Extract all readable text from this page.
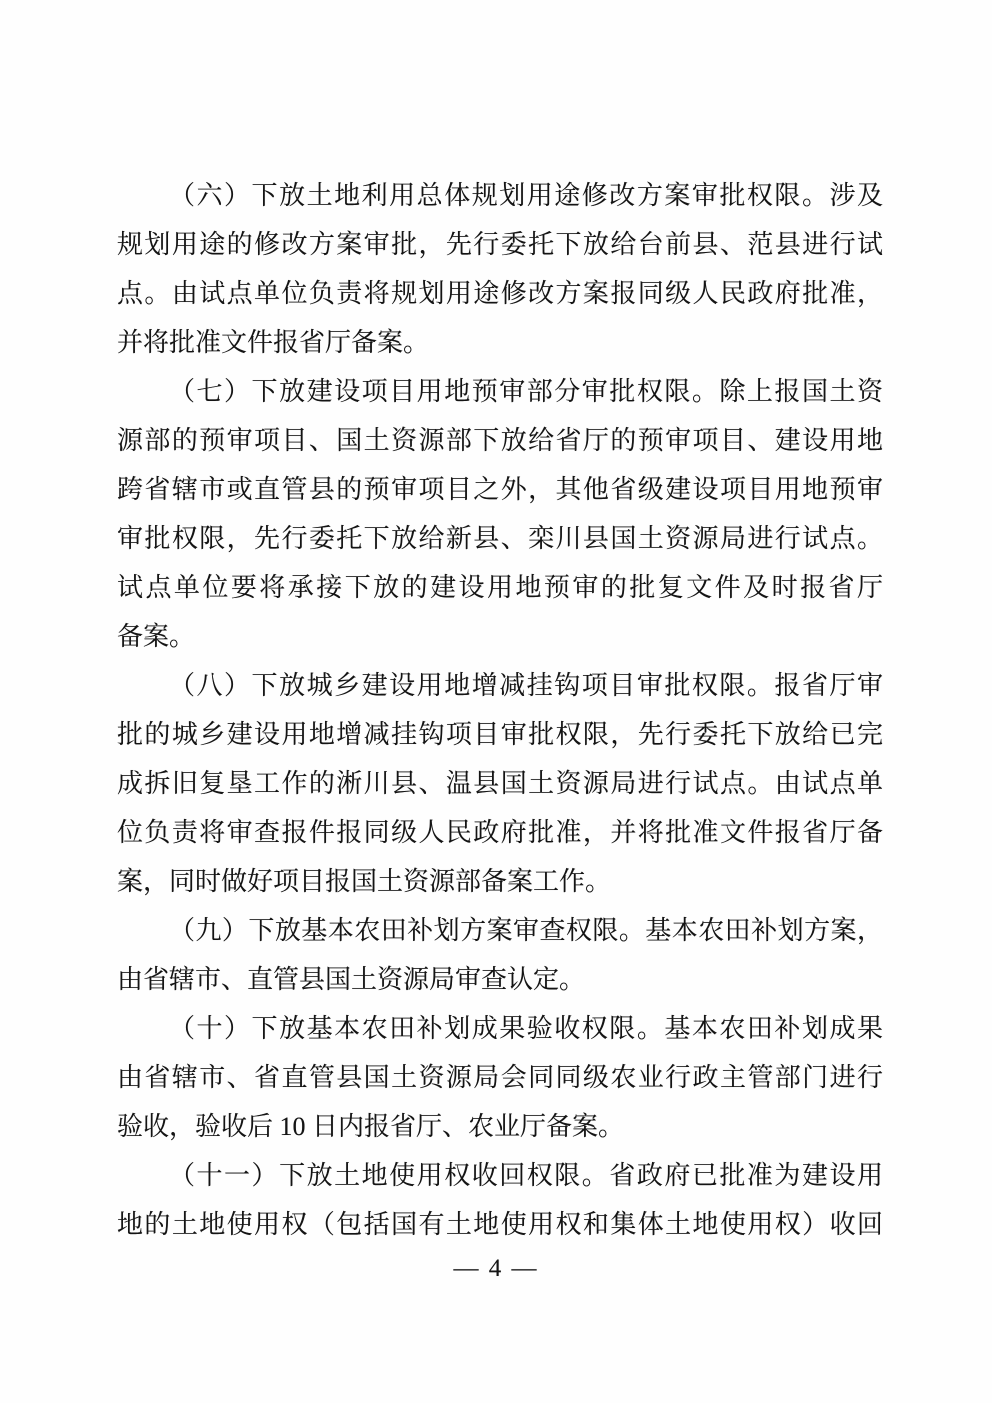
（六）下放土地利用总体规划用途修改方案审批权限。涉及
规划用途的修改方案审批，先行委托下放给台前县、范县进行试
点。由试点单位负责将规划用途修改方案报同级人民政府批准，
并将批准文件报省厅备案。

（七）下放建设项目用地预审部分审批权限。除上报国土资
源部的预审项目、国土资源部下放给省厅的预审项目、建设用地
跨省辖市或直管县的预审项目之外，其他省级建设项目用地预审
审批权限，先行委托下放给新县、栾川县国土资源局进行试点。
试点单位要将承接下放的建设用地预审的批复文件及时报省厅
备案。

（八）下放城乡建设用地增减挂钩项目审批权限。报省厅审
批的城乡建设用地增减挂钩项目审批权限，先行委托下放给已完
成拆旧复垦工作的淅川县、温县国土资源局进行试点。由试点单
位负责将审查报件报同级人民政府批准，并将批准文件报省厅备
案，同时做好项目报国土资源部备案工作。

（九）下放基本农田补划方案审查权限。基本农田补划方案，
由省辖市、直管县国土资源局审查认定。

（十）下放基本农田补划成果验收权限。基本农田补划成果
由省辖市、省直管县国土资源局会同同级农业行政主管部门进行
验收，验收后 10 日内报省厅、农业厅备案。

（十一）下放土地使用权收回权限。省政府已批准为建设用
地的土地使用权（包括国有土地使用权和集体土地使用权）收回

— 4 —
